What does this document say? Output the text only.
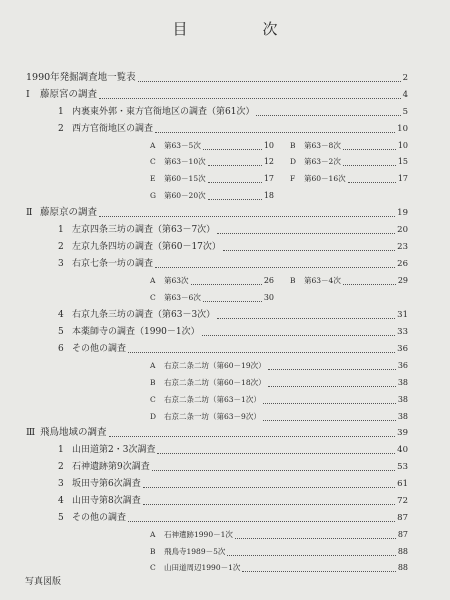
目　次
1990年発掘調査地一覧表	2
Ⅰ 藤原宮の調査	4
1 内裏東外郭・東方官衙地区の調査（第61次）	5
2 西方官衙地区の調査	10
A 第63－5次	10 B 第63－8次	10
C 第63－10次	12 D 第63－2次	15
E 第60－15次	17 F 第60－16次	17
G 第60－20次	18
Ⅱ 藤原京の調査	19
1 左京四条三坊の調査（第63－7次）	20
2 左京九条四坊の調査（第60－17次）	23
3 右京七条一坊の調査	26
A 第63次	26 B 第63－4次	29
C 第63－6次	30
4 右京九条三坊の調査（第63－3次）	31
5 本薬師寺の調査（1990－1次）	33
6 その他の調査	36
A 右京二条二坊（第60－19次）	36
B 右京二条二坊（第60－18次）	38
C 右京二条二坊（第63－1次）	38
D 右京二条一坊（第63－9次）	38
Ⅲ 飛鳥地域の調査	39
1 山田道第2・3次調査	40
2 石神遺跡第9次調査	53
3 坂田寺第6次調査	61
4 山田寺第8次調査	72
5 その他の調査	87
A 石神遺跡1990－1次	87
B 飛鳥寺1989－5次	88
C 山田道周辺1990－1次	88
写真図版
